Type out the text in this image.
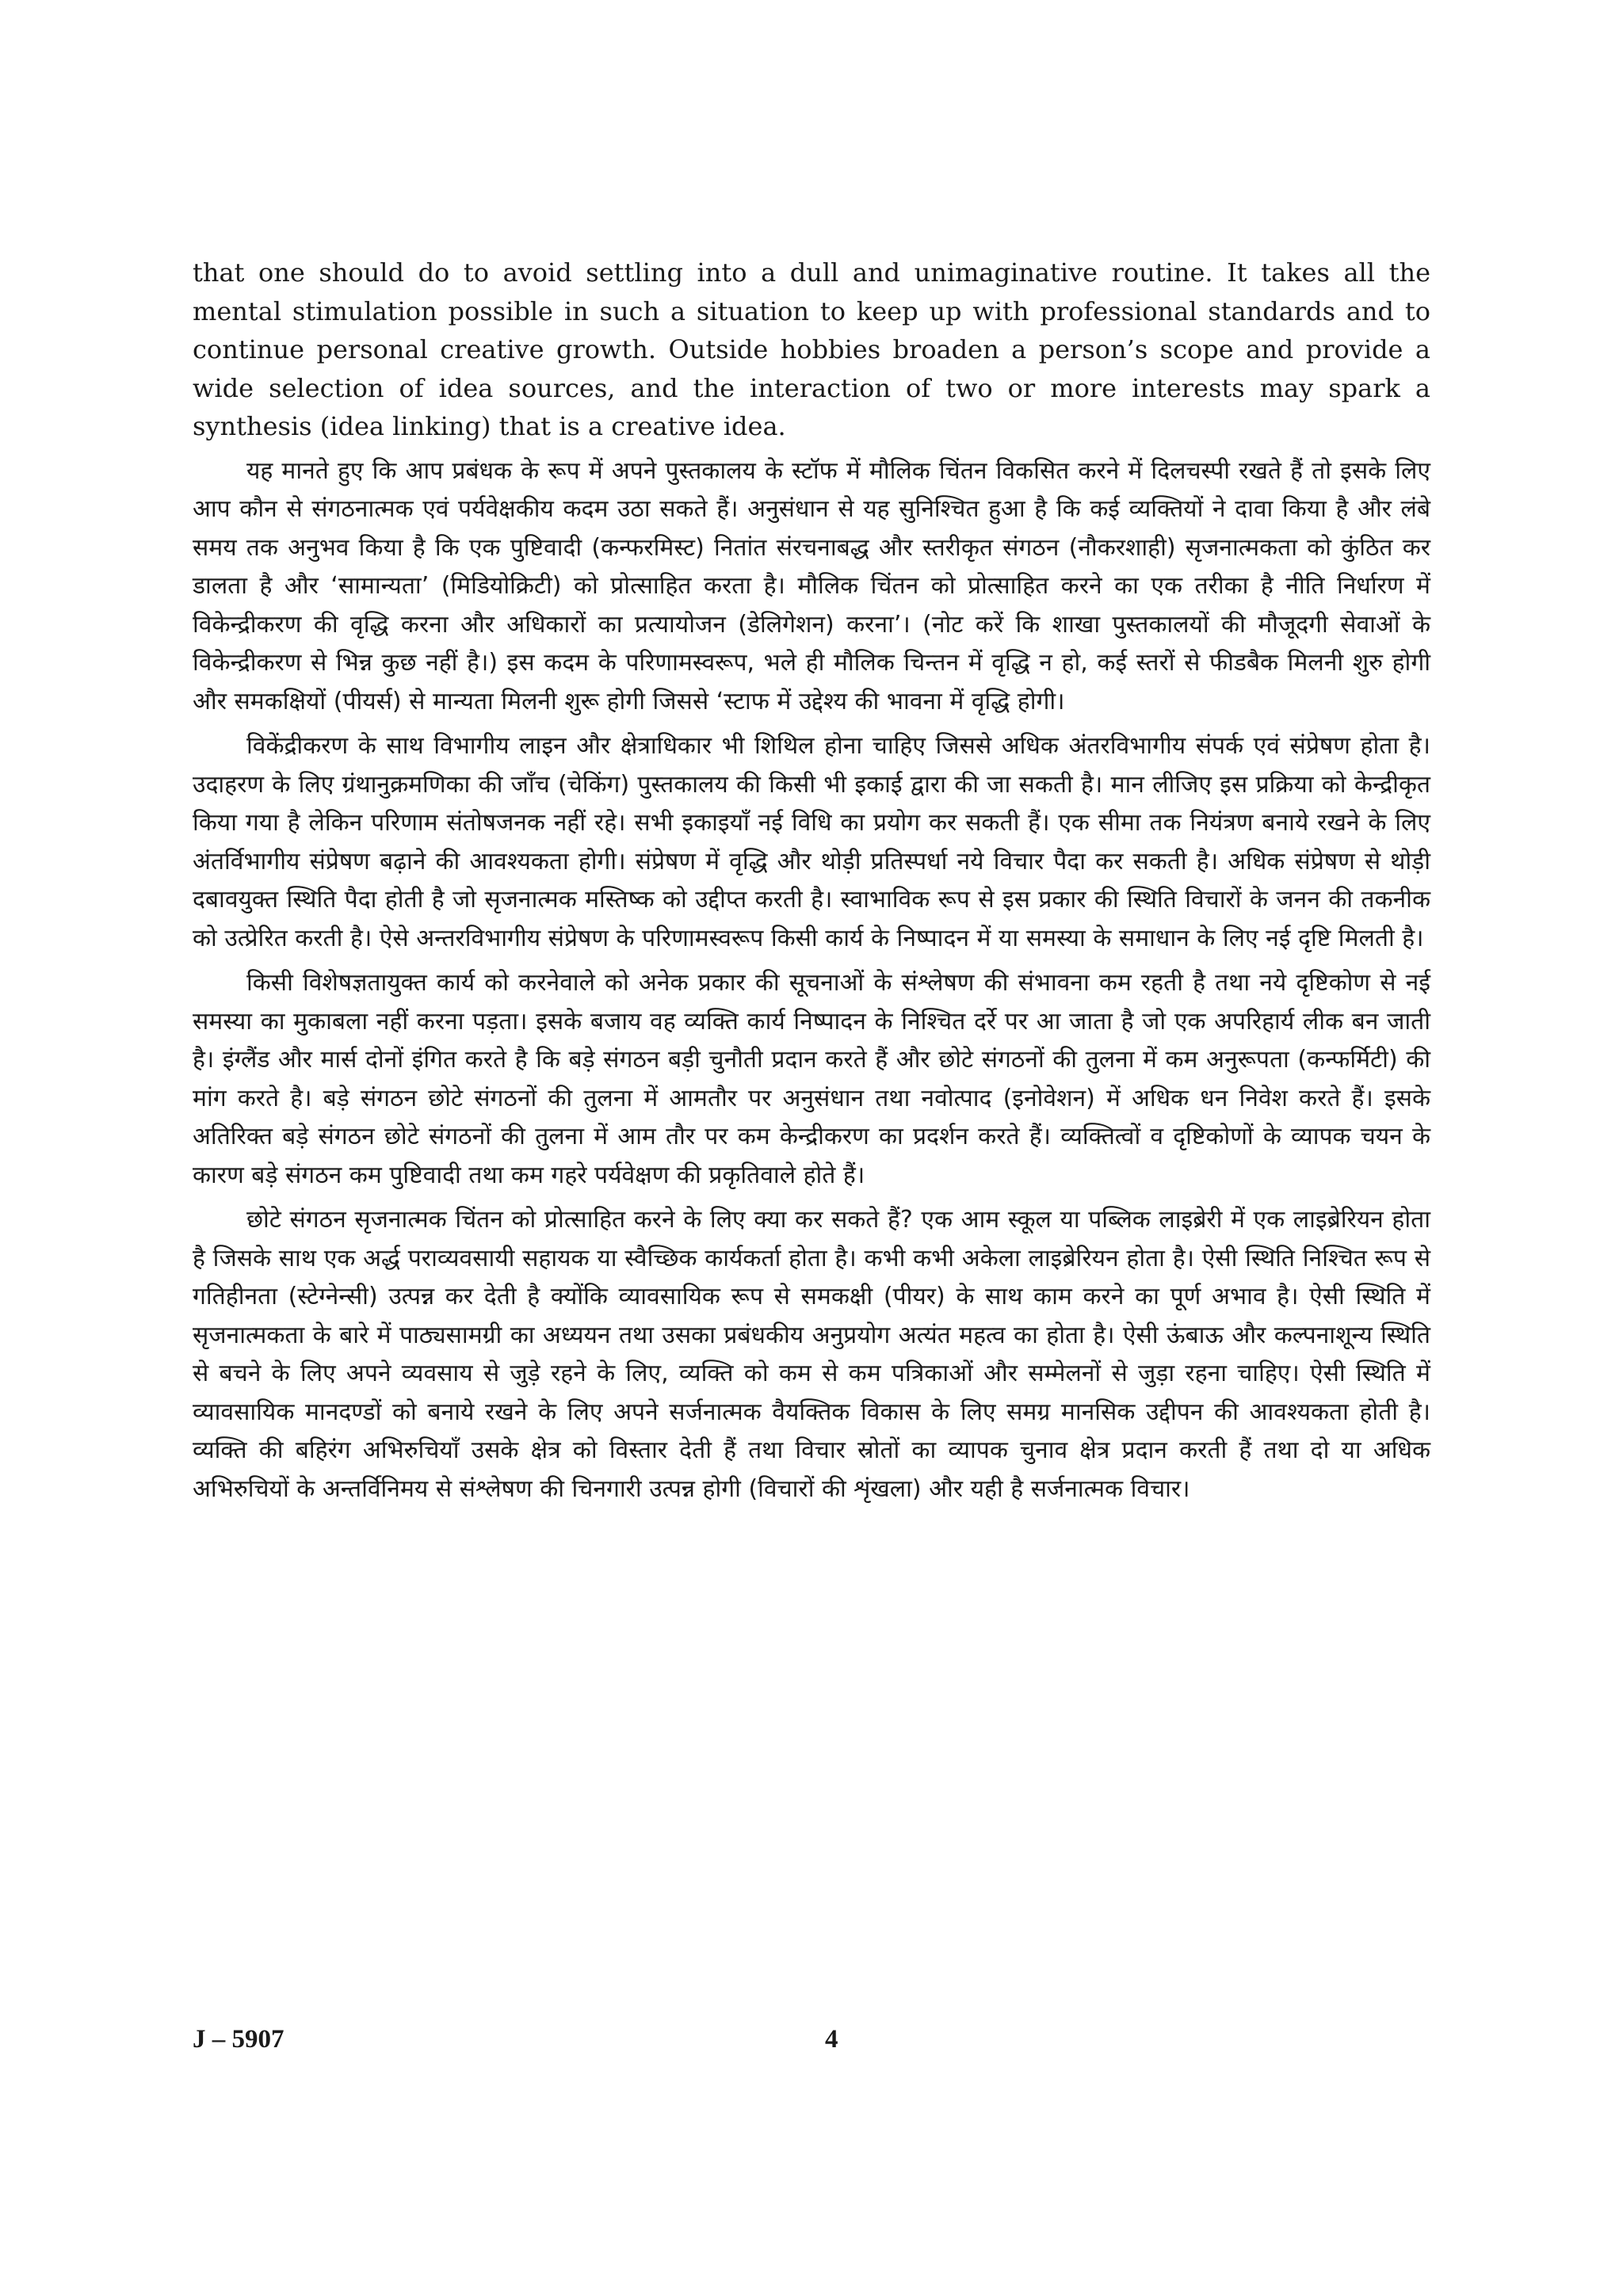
that one should do to avoid settling into a dull and unimaginative routine. It takes all the mental stimulation possible in such a situation to keep up with professional standards and to continue personal creative growth. Outside hobbies broaden a person’s scope and provide a wide selection of idea sources, and the interaction of two or more interests may spark a synthesis (idea linking) that is a creative idea.

यह मानते हुए कि आप प्रबंधक के रूप में अपने पुस्तकालय के स्टॉफ में मौलिक चिंतन विकसित करने में दिलचस्पी रखते हैं तो इसके लिए आप कौन से संगठनात्मक एवं पर्यवेक्षकीय कदम उठा सकते हैं। अनुसंधान से यह सुनिश्चित हुआ है कि कई व्यक्तियों ने दावा किया है और लंबे समय तक अनुभव किया है कि एक पुष्टिवादी (कन्फरमिस्ट) नितांत संरचनाबद्ध और स्तरीकृत संगठन (नौकरशाही) सृजनात्मकता को कुंठित कर डालता है और ‘सामान्यता’ (मिडियोक्रिटी) को प्रोत्साहित करता है। मौलिक चिंतन को प्रोत्साहित करने का एक तरीका है नीति निर्धारण में विकेन्द्रीकरण की वृद्धि करना और अधिकारों का प्रत्यायोजन (डेलिगेशन) करना’। (नोट करें कि शाखा पुस्तकालयों की मौजूदगी सेवाओं के विकेन्द्रीकरण से भिन्न कुछ नहीं है।) इस कदम के परिणामस्वरूप, भले ही मौलिक चिन्तन में वृद्धि न हो, कई स्तरों से फीडबैक मिलनी शुरु होगी और समकक्षियों (पीयर्स) से मान्यता मिलनी शुरू होगी जिससे ‘स्टाफ में उद्देश्य की भावना में वृद्धि होगी।

विकेंद्रीकरण के साथ विभागीय लाइन और क्षेत्राधिकार भी शिथिल होना चाहिए जिससे अधिक अंतरविभागीय संपर्क एवं संप्रेषण होता है। उदाहरण के लिए ग्रंथानुक्रमणिका की जाँच (चेकिंग) पुस्तकालय की किसी भी इकाई द्वारा की जा सकती है। मान लीजिए इस प्रक्रिया को केन्द्रीकृत किया गया है लेकिन परिणाम संतोषजनक नहीं रहे। सभी इकाइयाँ नई विधि का प्रयोग कर सकती हैं। एक सीमा तक नियंत्रण बनाये रखने के लिए अंतर्विभागीय संप्रेषण बढ़ाने की आवश्यकता होगी। संप्रेषण में वृद्धि और थोड़ी प्रतिस्पर्धा नये विचार पैदा कर सकती है। अधिक संप्रेषण से थोड़ी दबावयुक्त स्थिति पैदा होती है जो सृजनात्मक मस्तिष्क को उद्दीप्त करती है। स्वाभाविक रूप से इस प्रकार की स्थिति विचारों के जनन की तकनीक को उत्प्रेरित करती है। ऐसे अन्तरविभागीय संप्रेषण के परिणामस्वरूप किसी कार्य के निष्पादन में या समस्या के समाधान के लिए नई दृष्टि मिलती है।

किसी विशेषज्ञतायुक्त कार्य को करनेवाले को अनेक प्रकार की सूचनाओं के संश्लेषण की संभावना कम रहती है तथा नये दृष्टिकोण से नई समस्या का मुकाबला नहीं करना पड़ता। इसके बजाय वह व्यक्ति कार्य निष्पादन के निश्चित दर्रे पर आ जाता है जो एक अपरिहार्य लीक बन जाती है। इंग्लैंड और मार्स दोनों इंगित करते है कि बड़े संगठन बड़ी चुनौती प्रदान करते हैं और छोटे संगठनों की तुलना में कम अनुरूपता (कन्फर्मिटी) की मांग करते है। बड़े संगठन छोटे संगठनों की तुलना में आमतौर पर अनुसंधान तथा नवोत्पाद (इनोवेशन) में अधिक धन निवेश करते हैं। इसके अतिरिक्त बड़े संगठन छोटे संगठनों की तुलना में आम तौर पर कम केन्द्रीकरण का प्रदर्शन करते हैं। व्यक्तित्वों व दृष्टिकोणों के व्यापक चयन के कारण बड़े संगठन कम पुष्टिवादी तथा कम गहरे पर्यवेक्षण की प्रकृतिवाले होते हैं।

छोटे संगठन सृजनात्मक चिंतन को प्रोत्साहित करने के लिए क्या कर सकते हैं? एक आम स्कूल या पब्लिक लाइब्रेरी में एक लाइब्रेरियन होता है जिसके साथ एक अर्द्ध पराव्यवसायी सहायक या स्वैच्छिक कार्यकर्ता होता है। कभी कभी अकेला लाइब्रेरियन होता है। ऐसी स्थिति निश्चित रूप से गतिहीनता (स्टेग्नेन्सी) उत्पन्न कर देती है क्योंकि व्यावसायिक रूप से समकक्षी (पीयर) के साथ काम करने का पूर्ण अभाव है। ऐसी स्थिति में सृजनात्मकता के बारे में पाठ्यसामग्री का अध्ययन तथा उसका प्रबंधकीय अनुप्रयोग अत्यंत महत्व का होता है। ऐसी ऊंबाऊ और कल्पनाशून्य स्थिति से बचने के लिए अपने व्यवसाय से जुड़े रहने के लिए, व्यक्ति को कम से कम पत्रिकाओं और सम्मेलनों से जुड़ा रहना चाहिए। ऐसी स्थिति में व्यावसायिक मानदण्डों को बनाये रखने के लिए अपने सर्जनात्मक वैयक्तिक विकास के लिए समग्र मानसिक उद्दीपन की आवश्यकता होती है। व्यक्ति की बहिरंग अभिरुचियाँ उसके क्षेत्र को विस्तार देती हैं तथा विचार स्रोतों का व्यापक चुनाव क्षेत्र प्रदान करती हैं तथा दो या अधिक अभिरुचियों के अन्तर्विनिमय से संश्लेषण की चिनगारी उत्पन्न होगी (विचारों की शृंखला) और यही है सर्जनात्मक विचार।

J – 5907	4
